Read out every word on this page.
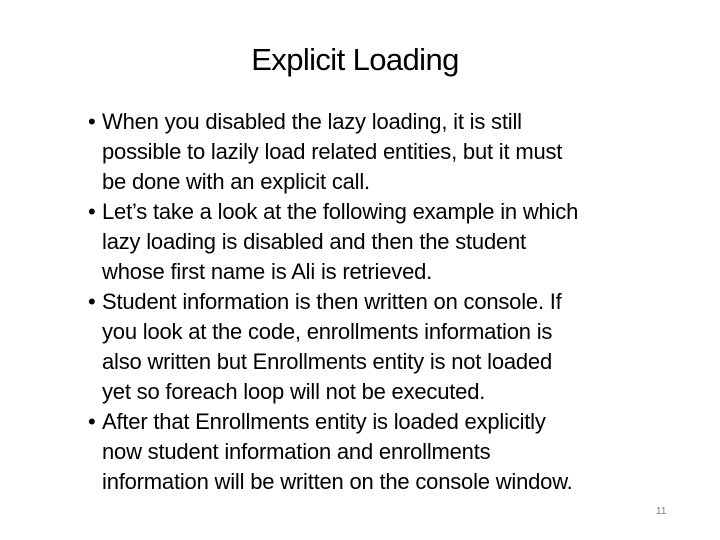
Explicit Loading
• When you disabled the lazy loading, it is still
possible to lazily load related entities, but it must
be done with an explicit call.
• Let’s take a look at the following example in which
lazy loading is disabled and then the student
whose first name is Ali is retrieved.
• Student information is then written on console. If
you look at the code, enrollments information is
also written but Enrollments entity is not loaded
yet so foreach loop will not be executed.
• After that Enrollments entity is loaded explicitly
now student information and enrollments
information will be written on the console window.
11
